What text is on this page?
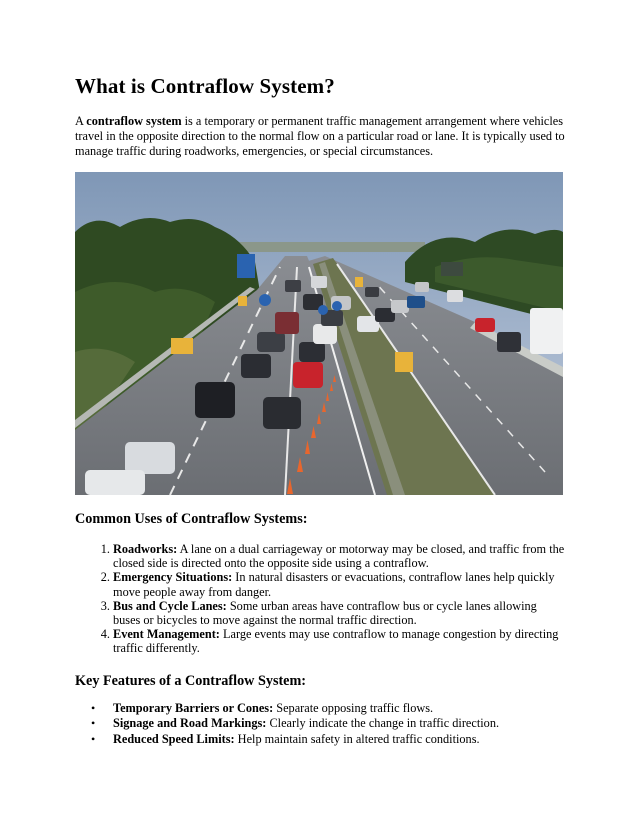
What is Contraflow System?

A contraflow system is a temporary or permanent traffic management arrangement where vehicles travel in the opposite direction to the normal flow on a particular road or lane. It is typically used to manage traffic during roadworks, emergencies, or special circumstances.

Common Uses of Contraflow Systems:
1. Roadworks: A lane on a dual carriageway or motorway may be closed, and traffic from the closed side is directed onto the opposite side using a contraflow.
2. Emergency Situations: In natural disasters or evacuations, contraflow lanes help quickly move people away from danger.
3. Bus and Cycle Lanes: Some urban areas have contraflow bus or cycle lanes allowing buses or bicycles to move against the normal traffic direction.
4. Event Management: Large events may use contraflow to manage congestion by directing traffic differently.
Key Features of a Contraflow System:
• Temporary Barriers or Cones: Separate opposing traffic flows.
• Signage and Road Markings: Clearly indicate the change in traffic direction.
• Reduced Speed Limits: Help maintain safety in altered traffic conditions.
